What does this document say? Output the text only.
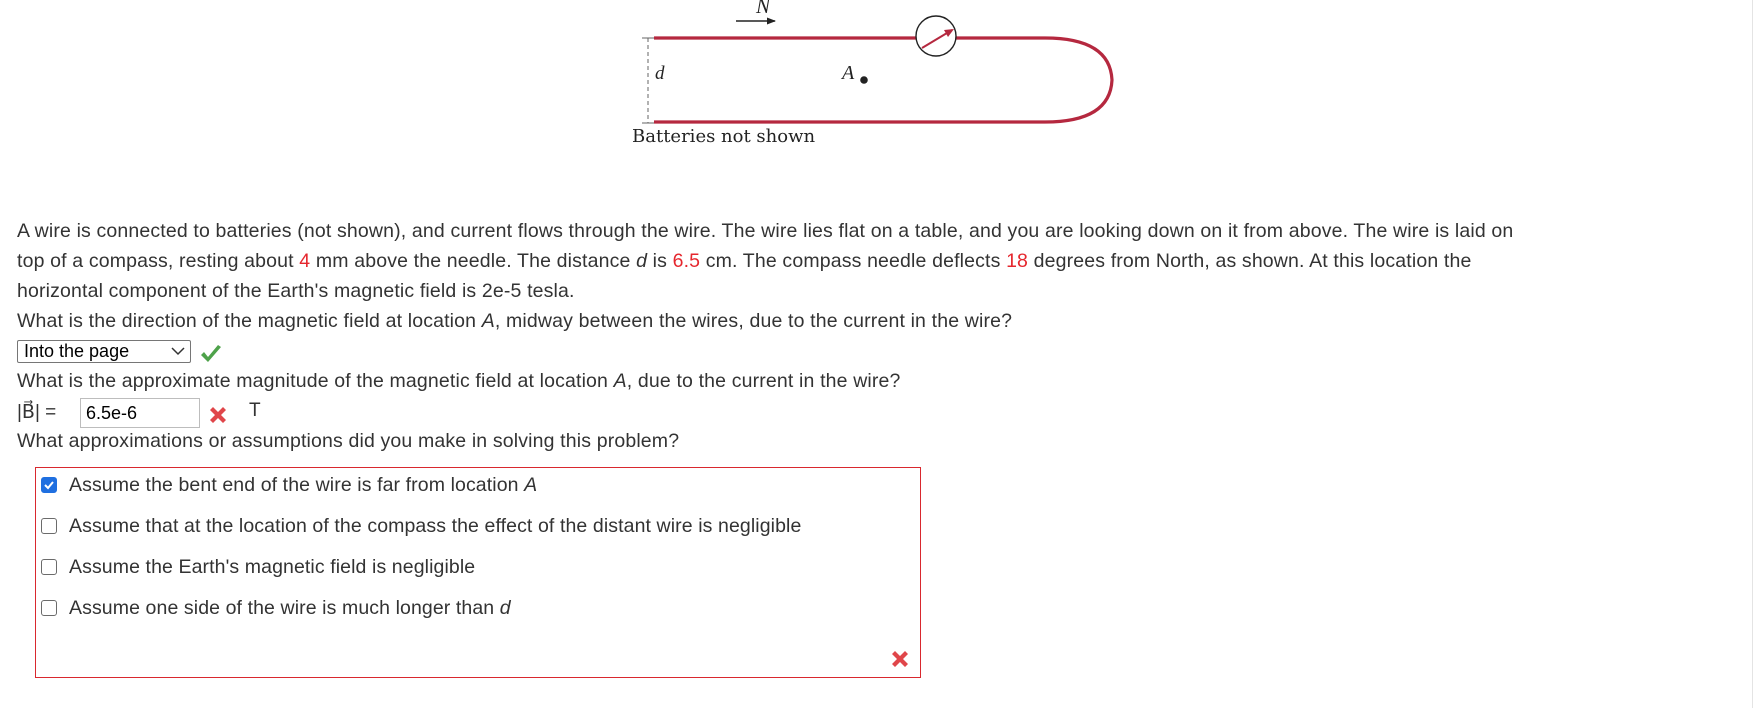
N
d	A
Batteries not shown
A wire is connected to batteries (not shown), and current flows through the wire. The wire lies flat on a table, and you are looking down on it from above. The wire is laid on
top of a compass, resting about 4 mm above the needle. The distance d is 6.5 cm. The compass needle deflects 18 degrees from North, as shown. At this location the
horizontal component of the Earth's magnetic field is 2e-5 tesla.
What is the direction of the magnetic field at location A, midway between the wires, due to the current in the wire?
Into the page
What is the approximate magnitude of the magnetic field at location A, due to the current in the wire?
|B⃗| =
6.5e-6	T
What approximations or assumptions did you make in solving this problem?
Assume the bent end of the wire is far from location A
Assume that at the location of the compass the effect of the distant wire is negligible
Assume the Earth's magnetic field is negligible
Assume one side of the wire is much longer than d
